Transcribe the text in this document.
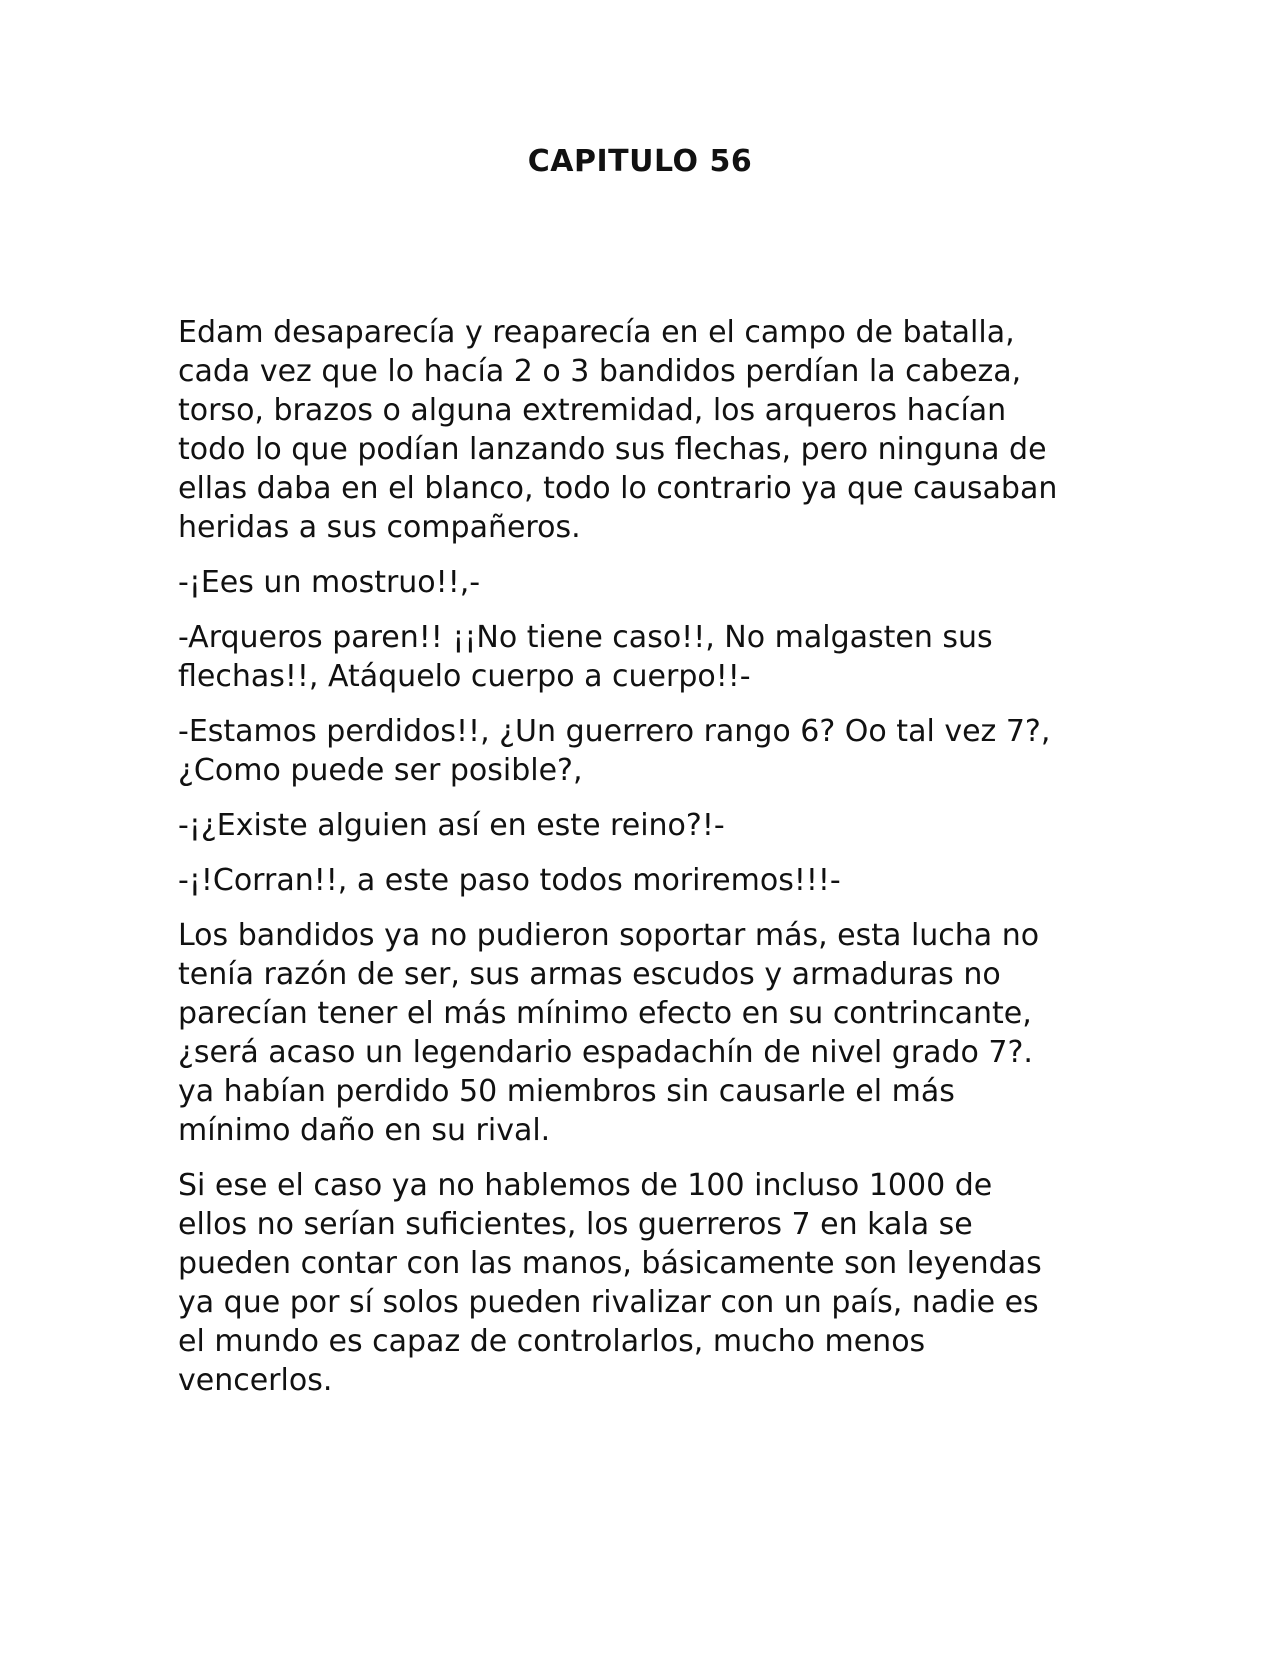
CAPITULO 56

Edam desaparecía y reaparecía en el campo de batalla,
cada vez que lo hacía 2 o 3 bandidos perdían la cabeza,
torso, brazos o alguna extremidad, los arqueros hacían
todo lo que podían lanzando sus flechas, pero ninguna de
ellas daba en el blanco, todo lo contrario ya que causaban
heridas a sus compañeros.

-¡Ees un mostruo!!,-

-Arqueros paren!! ¡¡No tiene caso!!, No malgasten sus
flechas!!, Atáquelo cuerpo a cuerpo!!-

-Estamos perdidos!!, ¿Un guerrero rango 6? Oo tal vez 7?,
¿Como puede ser posible?,

-¡¿Existe alguien así en este reino?!-

-¡!Corran!!, a este paso todos moriremos!!!-

Los bandidos ya no pudieron soportar más, esta lucha no
tenía razón de ser, sus armas escudos y armaduras no
parecían tener el más mínimo efecto en su contrincante,
¿será acaso un legendario espadachín de nivel grado 7?.
ya habían perdido 50 miembros sin causarle el más
mínimo daño en su rival.

Si ese el caso ya no hablemos de 100 incluso 1000 de
ellos no serían suficientes, los guerreros 7 en kala se
pueden contar con las manos, básicamente son leyendas
ya que por sí solos pueden rivalizar con un país, nadie es
el mundo es capaz de controlarlos, mucho menos
vencerlos.
